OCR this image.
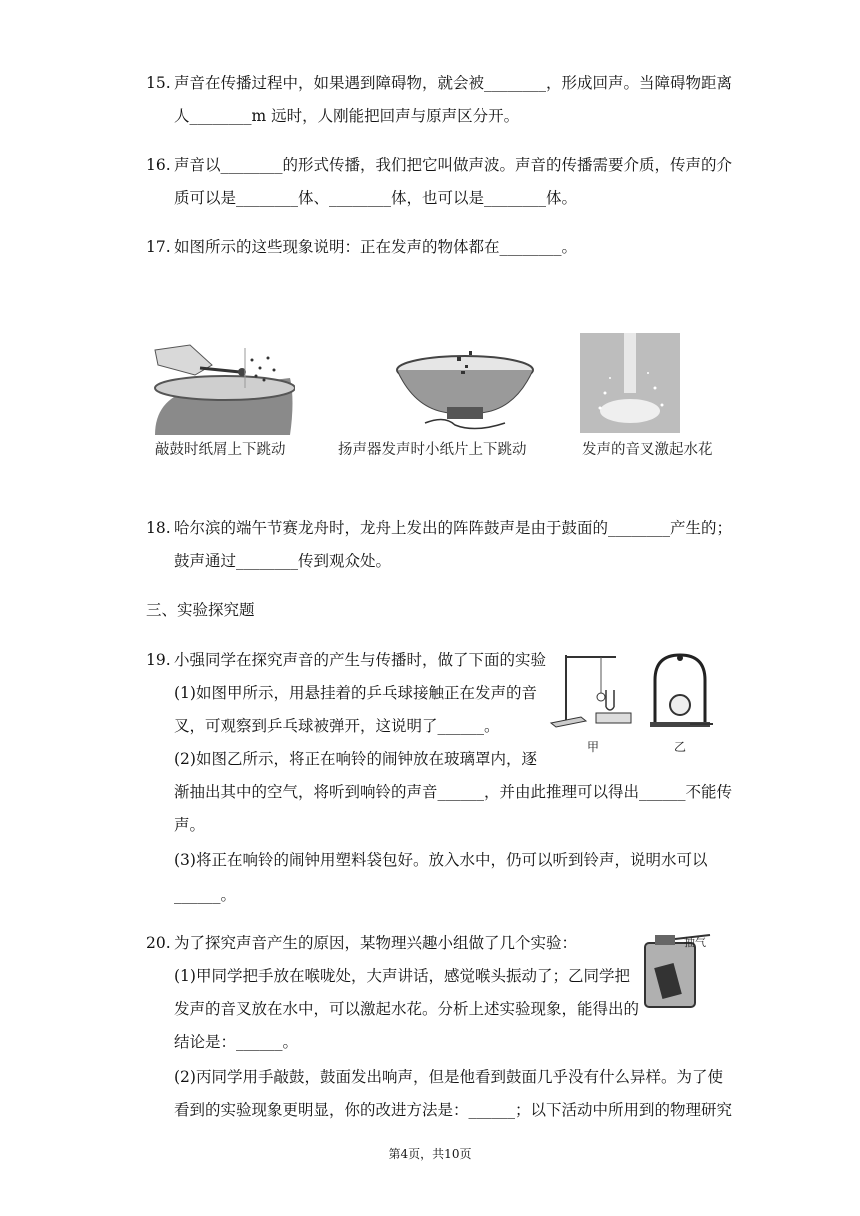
15. 声音在传播过程中，如果遇到障碍物，就会被________，形成回声。当障碍物距离
人________m 远时，人刚能把回声与原声区分开。
16. 声音以________的形式传播，我们把它叫做声波。声音的传播需要介质，传声的介
质可以是________体、________体，也可以是________体。
17. 如图所示的这些现象说明：正在发声的物体都在________。
敲鼓时纸屑上下跳动	扬声器发声时小纸片上下跳动	发声的音叉激起水花
18. 哈尔滨的端午节赛龙舟时，龙舟上发出的阵阵鼓声是由于鼓面的________产生的；
鼓声通过________传到观众处。
三、实验探究题
19. 小强同学在探究声音的产生与传播时，做了下面的实验
(1)如图甲所示，用悬挂着的乒乓球接触正在发声的音
叉，可观察到乒乓球被弹开，这说明了______。
(2)如图乙所示，将正在响铃的闹钟放在玻璃罩内，逐
渐抽出其中的空气，将听到响铃的声音______，并由此推理可以得出______不能传
声。
(3)将正在响铃的闹钟用塑料袋包好。放入水中，仍可以听到铃声，说明水可以
______。
甲	乙
20. 为了探究声音产生的原因，某物理兴趣小组做了几个实验：
(1)甲同学把手放在喉咙处，大声讲话，感觉喉头振动了；乙同学把
发声的音叉放在水中，可以激起水花。分析上述实验现象，能得出的
结论是：______。
(2)丙同学用手敲鼓，鼓面发出响声，但是他看到鼓面几乎没有什么异样。为了使
看到的实验现象更明显，你的改进方法是：______；以下活动中所用到的物理研究
抽气
第4页，共10页
